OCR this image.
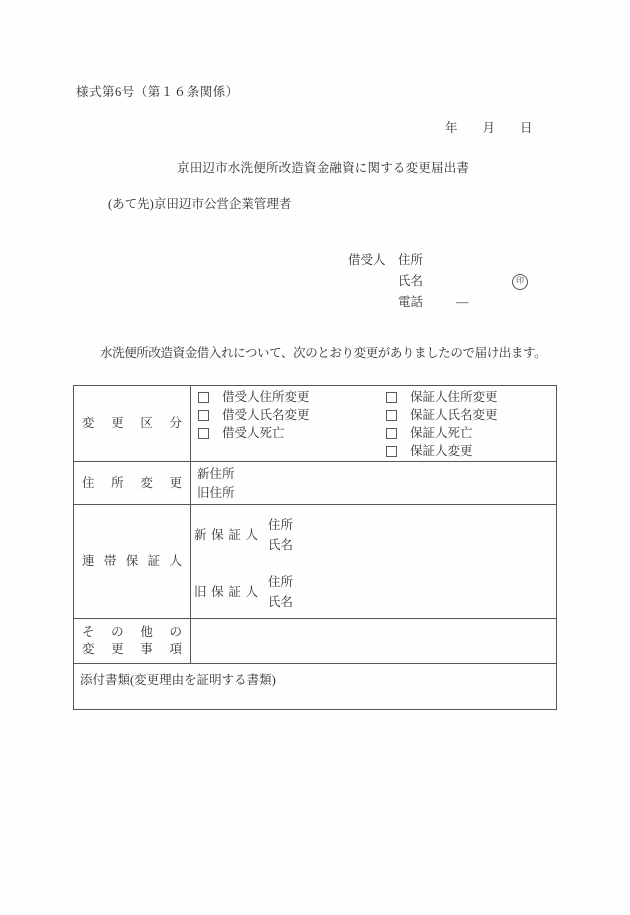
様式第6号（第１６条関係）
年　　月　　日
京田辺市水洗便所改造資金融資に関する変更届出書
(あて先)京田辺市公営企業管理者
借受人 住所
氏名	印
電話	―
水洗便所改造資金借入れについて、次のとおり変更がありましたので届け出ます。
変更区分
借受人住所変更
借受人氏名変更
借受人死亡
保証人住所変更
保証人氏名変更
保証人死亡
保証人変更
住所変更
新住所
旧住所
連帯保証人
新保証人
住所
氏名
旧保証人
住所
氏名
その他の
変更事項
添付書類(変更理由を証明する書類)
